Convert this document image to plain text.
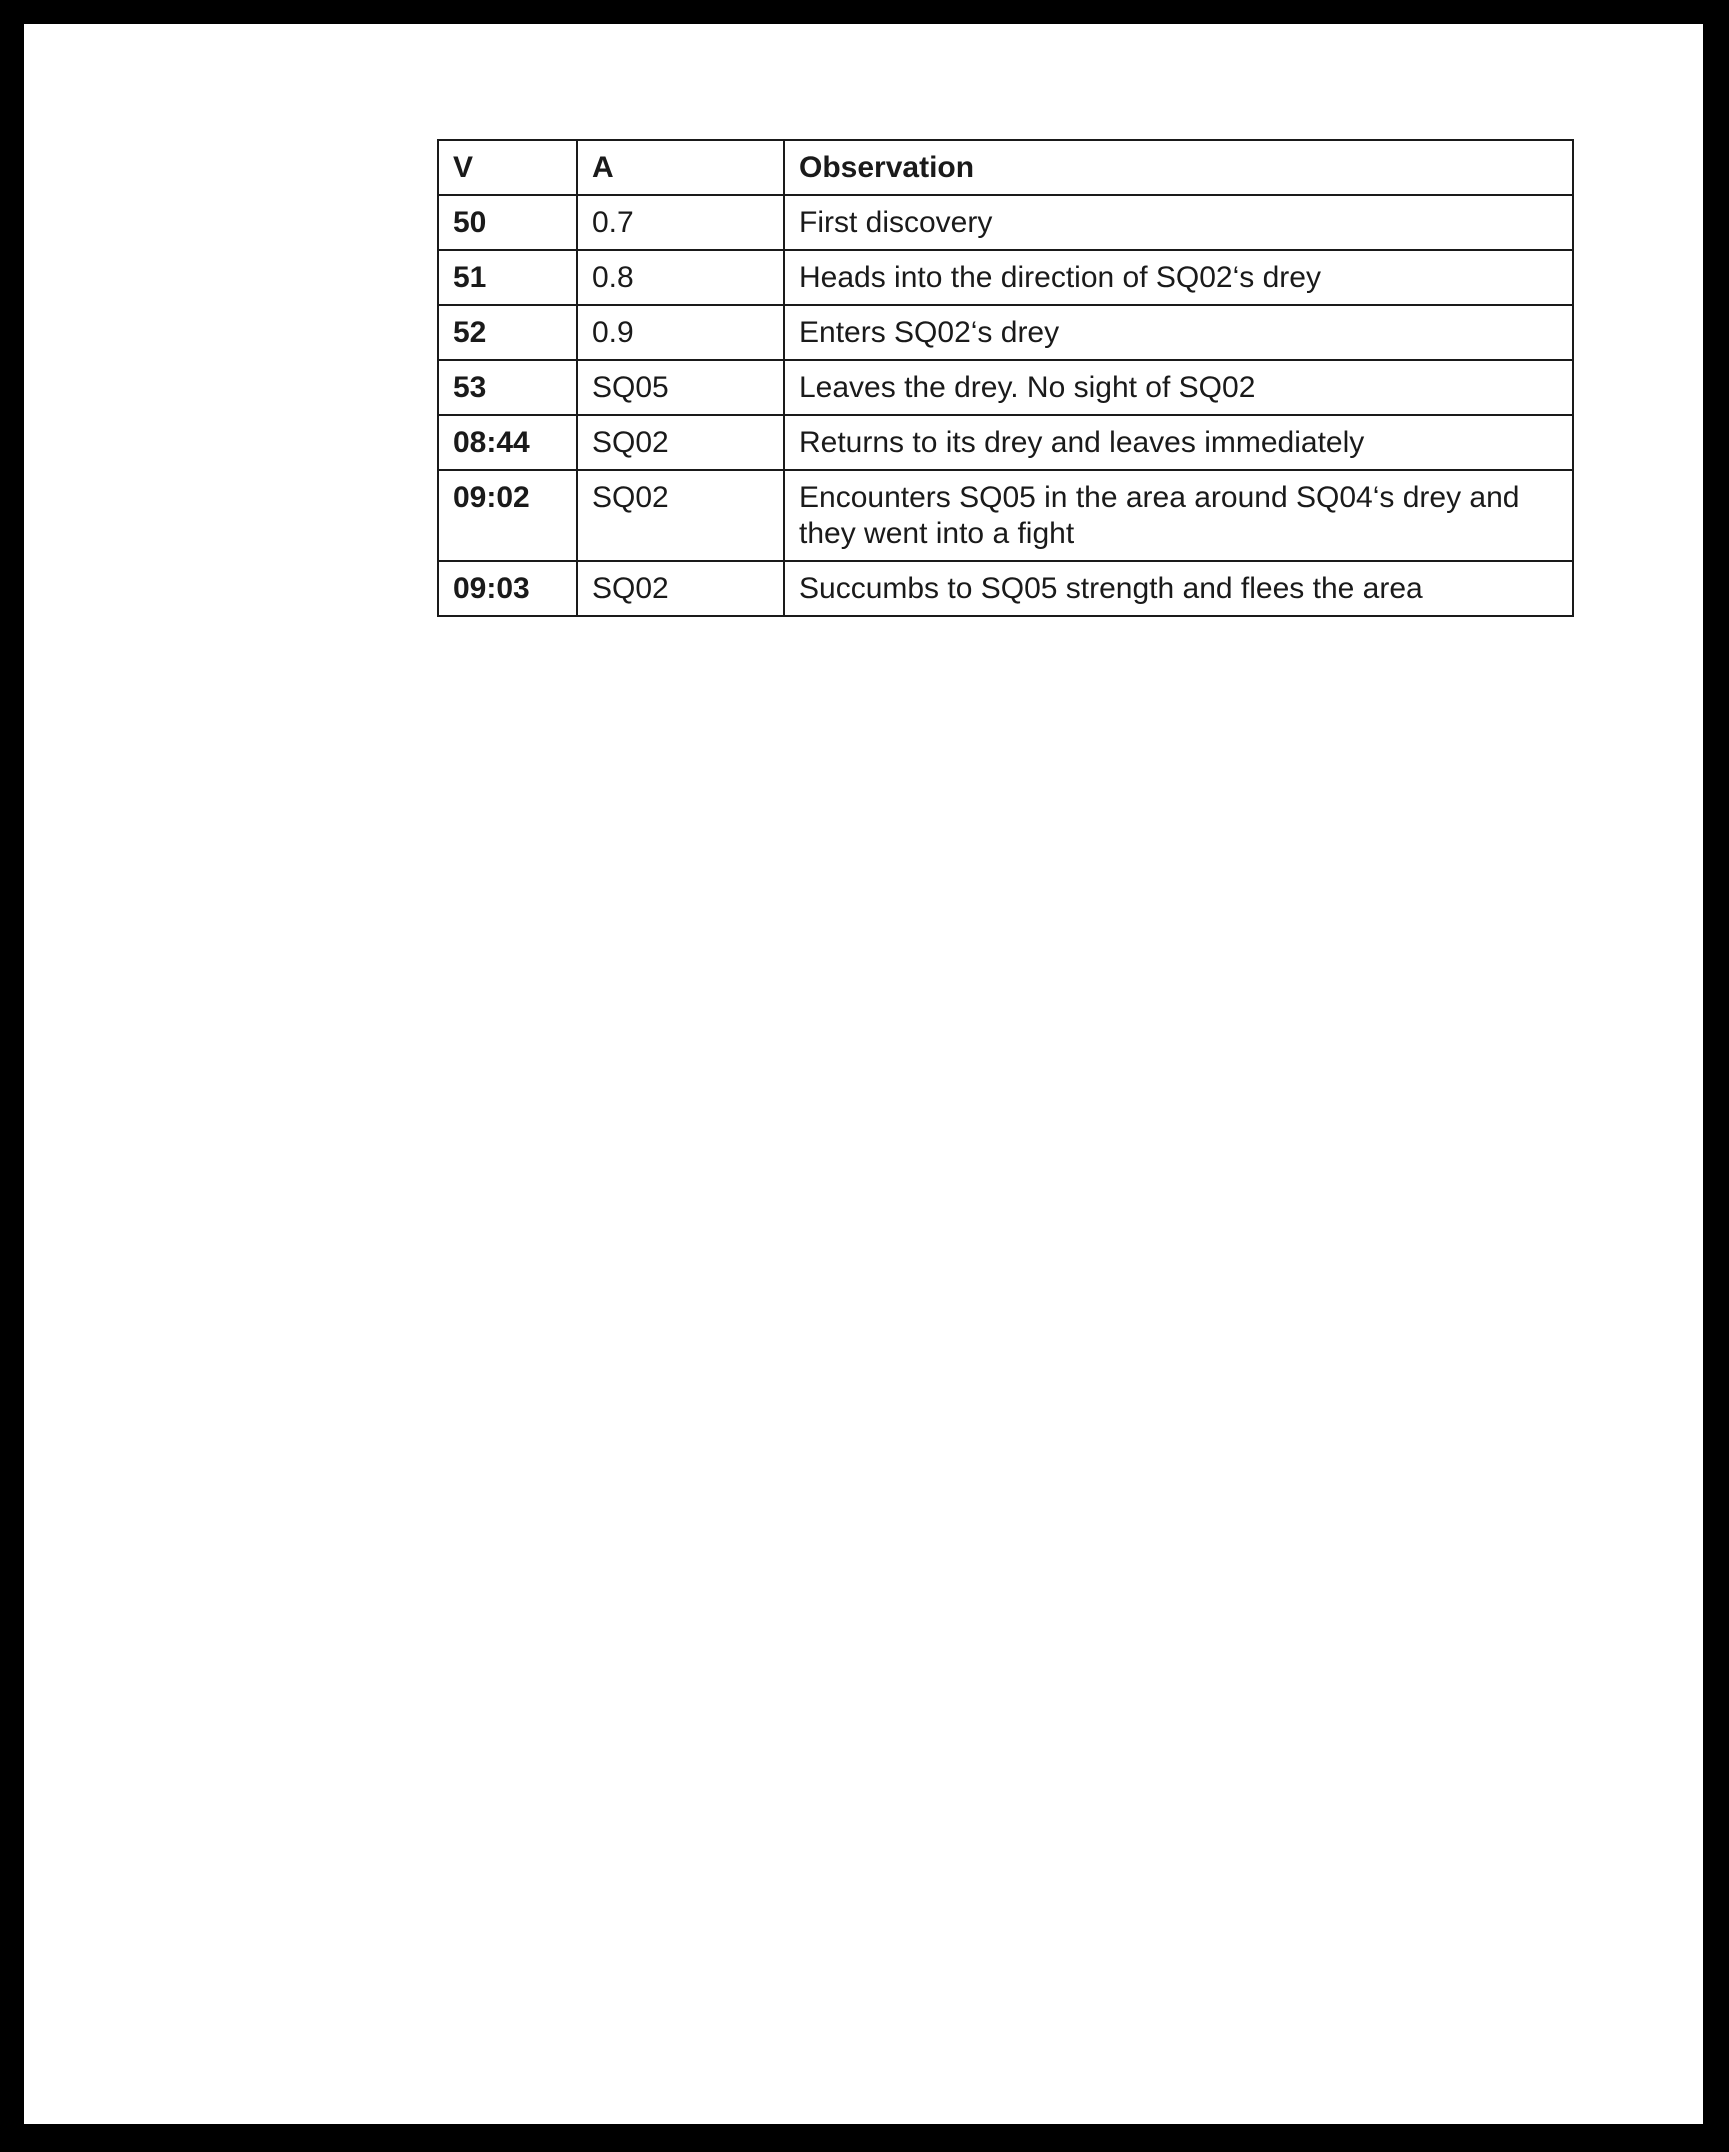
V	A	Observation
50	0.7	First discovery
51	0.8	Heads into the direction of SQ02‘s drey
52	0.9	Enters SQ02‘s drey
53	SQ05	Leaves the drey. No sight of SQ02
08:44	SQ02	Returns to its drey and leaves immediately
09:02	SQ02	Encounters SQ05 in the area around SQ04‘s drey and they went into a fight
09:03	SQ02	Succumbs to SQ05 strength and flees the area
